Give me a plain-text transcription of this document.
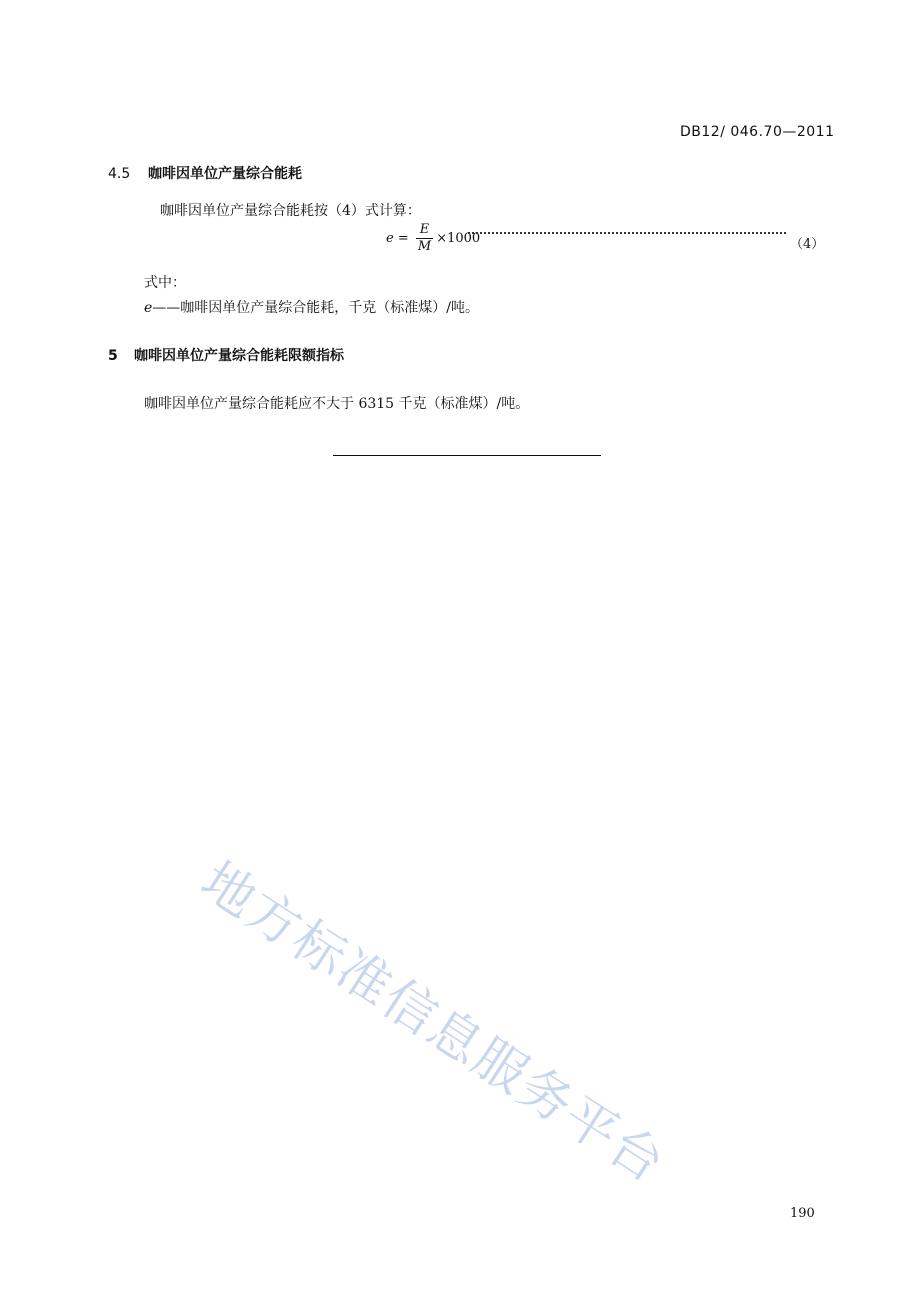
DB12/ 046.70—2011
4.5 咖啡因单位产量综合能耗
咖啡因单位产量综合能耗按（4）式计算：
$e = \frac{E}{M} \times 1000$	（4）
式中：
e——咖啡因单位产量综合能耗，千克（标准煤）/吨。
5 咖啡因单位产量综合能耗限额指标
咖啡因单位产量综合能耗应不大于 6315 千克（标准煤）/吨。
地方标准信息服务平台
190
